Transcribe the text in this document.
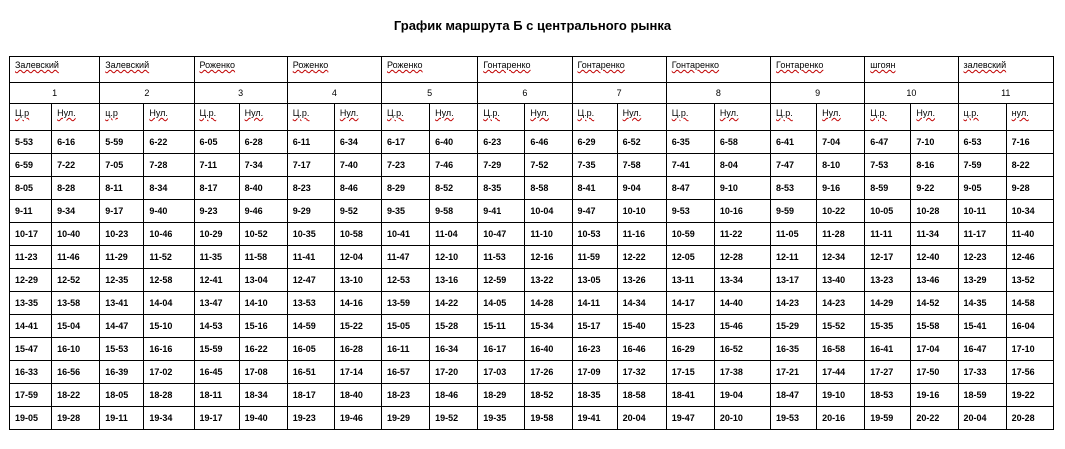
График маршрута Б с центрального рынка
Залевский		Залевский		Роженко		Роженко		Роженко		Гонтаренко		Гонтаренко		Гонтаренко		Гонтаренко		шгоян		залевский	
1		2		3		4		5		6		7		8		9		10		11	
Ц.р	Нул.	ц.р	Нул.	Ц.р.	Нул.	Ц.р.	Нул.	Ц.р.	Нул.	Ц.р.	Нул.	Ц.р.	Нул.	Ц.р.	Нул.	Ц.р.	Нул.	Ц.р.	Нул.	ц.р.	нул.
5-53	6-16	5-59	6-22	6-05	6-28	6-11	6-34	6-17	6-40	6-23	6-46	6-29	6-52	6-35	6-58	6-41	7-04	6-47	7-10	6-53	7-16
6-59	7-22	7-05	7-28	7-11	7-34	7-17	7-40	7-23	7-46	7-29	7-52	7-35	7-58	7-41	8-04	7-47	8-10	7-53	8-16	7-59	8-22
8-05	8-28	8-11	8-34	8-17	8-40	8-23	8-46	8-29	8-52	8-35	8-58	8-41	9-04	8-47	9-10	8-53	9-16	8-59	9-22	9-05	9-28
9-11	9-34	9-17	9-40	9-23	9-46	9-29	9-52	9-35	9-58	9-41	10-04	9-47	10-10	9-53	10-16	9-59	10-22	10-05	10-28	10-11	10-34
10-17	10-40	10-23	10-46	10-29	10-52	10-35	10-58	10-41	11-04	10-47	11-10	10-53	11-16	10-59	11-22	11-05	11-28	11-11	11-34	11-17	11-40
11-23	11-46	11-29	11-52	11-35	11-58	11-41	12-04	11-47	12-10	11-53	12-16	11-59	12-22	12-05	12-28	12-11	12-34	12-17	12-40	12-23	12-46
12-29	12-52	12-35	12-58	12-41	13-04	12-47	13-10	12-53	13-16	12-59	13-22	13-05	13-26	13-11	13-34	13-17	13-40	13-23	13-46	13-29	13-52
13-35	13-58	13-41	14-04	13-47	14-10	13-53	14-16	13-59	14-22	14-05	14-28	14-11	14-34	14-17	14-40	14-23	14-23	14-29	14-52	14-35	14-58
14-41	15-04	14-47	15-10	14-53	15-16	14-59	15-22	15-05	15-28	15-11	15-34	15-17	15-40	15-23	15-46	15-29	15-52	15-35	15-58	15-41	16-04
15-47	16-10	15-53	16-16	15-59	16-22	16-05	16-28	16-11	16-34	16-17	16-40	16-23	16-46	16-29	16-52	16-35	16-58	16-41	17-04	16-47	17-10
16-33	16-56	16-39	17-02	16-45	17-08	16-51	17-14	16-57	17-20	17-03	17-26	17-09	17-32	17-15	17-38	17-21	17-44	17-27	17-50	17-33	17-56
17-59	18-22	18-05	18-28	18-11	18-34	18-17	18-40	18-23	18-46	18-29	18-52	18-35	18-58	18-41	19-04	18-47	19-10	18-53	19-16	18-59	19-22
19-05	19-28	19-11	19-34	19-17	19-40	19-23	19-46	19-29	19-52	19-35	19-58	19-41	20-04	19-47	20-10	19-53	20-16	19-59	20-22	20-04	20-28
